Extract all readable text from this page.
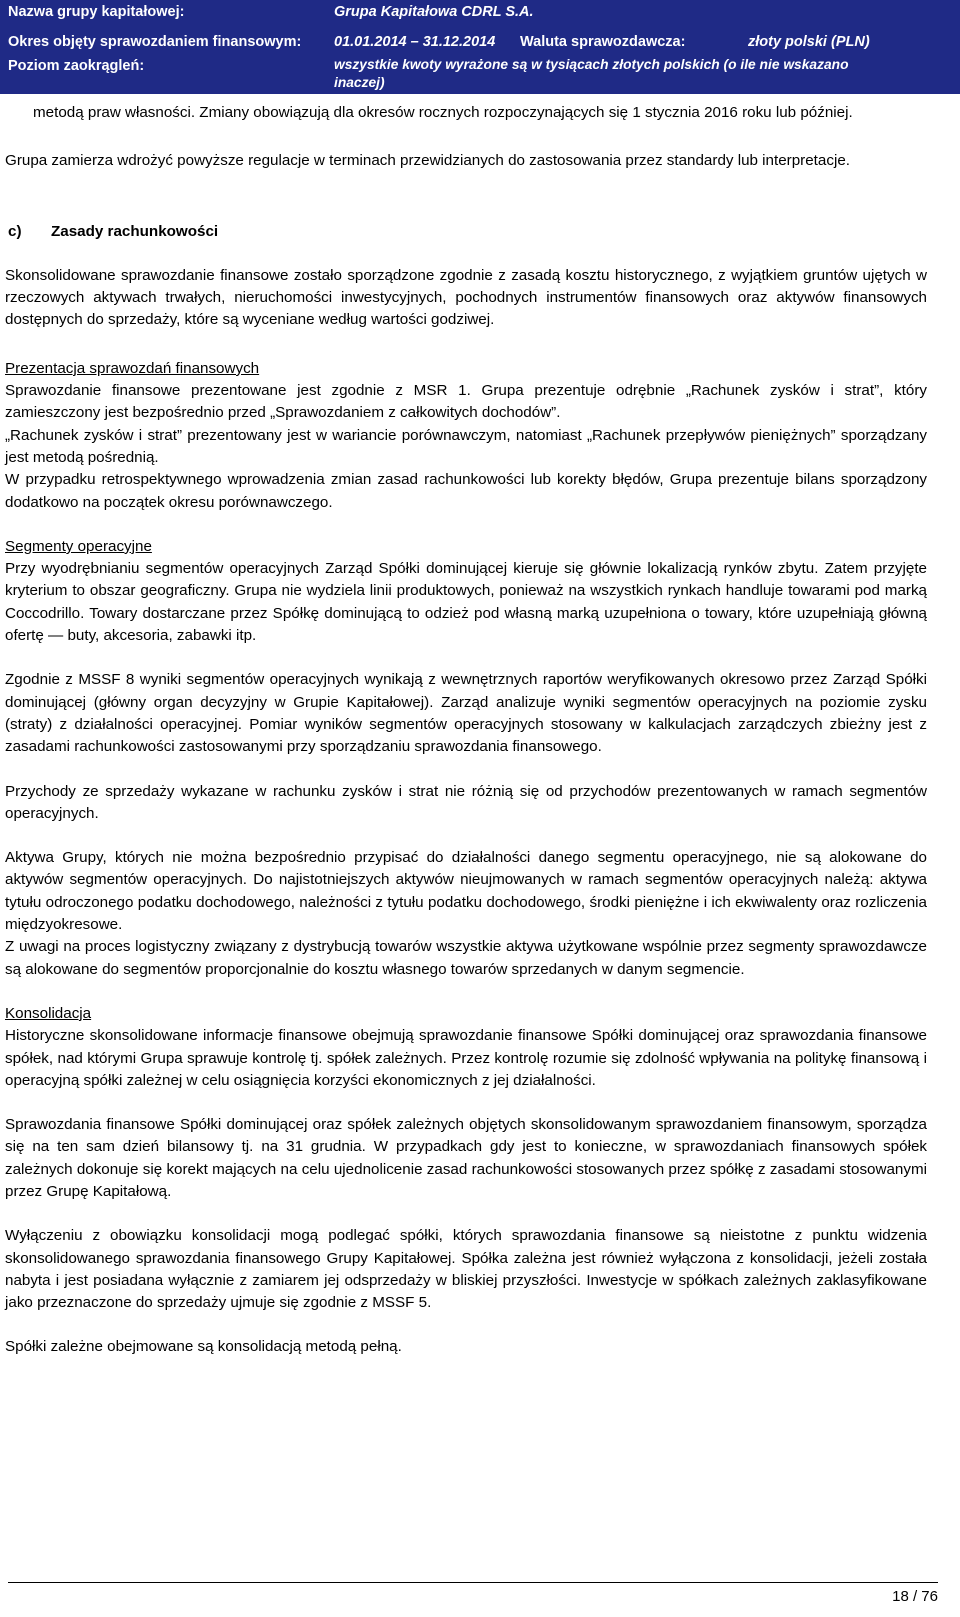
Nazwa grupy kapitałowej:	Grupa Kapitałowa CDRL S.A.
Okres objęty sprawozdaniem finansowym: 01.01.2014 – 31.12.2014 Waluta sprawozdawcza:	złoty polski (PLN)
Poziom zaokrągleń:	wszystkie kwoty wyrażone są w tysiącach złotych polskich (o ile nie wskazano inaczej)

metodą praw własności. Zmiany obowiązują dla okresów rocznych rozpoczynających się 1 stycznia 2016 roku lub później.

Grupa zamierza wdrożyć powyższe regulacje w terminach przewidzianych do zastosowania przez standardy lub interpretacje.

c) Zasady rachunkowości

Skonsolidowane sprawozdanie finansowe zostało sporządzone zgodnie z zasadą kosztu historycznego, z wyjątkiem gruntów ujętych w rzeczowych aktywach trwałych, nieruchomości inwestycyjnych, pochodnych instrumentów finansowych oraz aktywów finansowych dostępnych do sprzedaży, które są wyceniane według wartości godziwej.

Prezentacja sprawozdań finansowych

Sprawozdanie finansowe prezentowane jest zgodnie z MSR 1. Grupa prezentuje odrębnie „Rachunek zysków i strat”, który zamieszczony jest bezpośrednio przed „Sprawozdaniem z całkowitych dochodów”.

„Rachunek zysków i strat” prezentowany jest w wariancie porównawczym, natomiast „Rachunek przepływów pieniężnych” sporządzany jest metodą pośrednią.

W przypadku retrospektywnego wprowadzenia zmian zasad rachunkowości lub korekty błędów, Grupa prezentuje bilans sporządzony dodatkowo na początek okresu porównawczego.

Segmenty operacyjne

Przy wyodrębnianiu segmentów operacyjnych Zarząd Spółki dominującej kieruje się głównie lokalizacją rynków zbytu. Zatem przyjęte kryterium to obszar geograficzny. Grupa nie wydziela linii produktowych, ponieważ na wszystkich rynkach handluje towarami pod marką Coccodrillo. Towary dostarczane przez Spółkę dominującą to odzież pod własną marką uzupełniona o towary, które uzupełniają główną ofertę — buty, akcesoria, zabawki itp.

Zgodnie z MSSF 8 wyniki segmentów operacyjnych wynikają z wewnętrznych raportów weryfikowanych okresowo przez Zarząd Spółki dominującej (główny organ decyzyjny w Grupie Kapitałowej). Zarząd analizuje wyniki segmentów operacyjnych na poziomie zysku (straty) z działalności operacyjnej. Pomiar wyników segmentów operacyjnych stosowany w kalkulacjach zarządczych zbieżny jest z zasadami rachunkowości zastosowanymi przy sporządzaniu sprawozdania finansowego.

Przychody ze sprzedaży wykazane w rachunku zysków i strat nie różnią się od przychodów prezentowanych w ramach segmentów operacyjnych.

Aktywa Grupy, których nie można bezpośrednio przypisać do działalności danego segmentu operacyjnego, nie są alokowane do aktywów segmentów operacyjnych. Do najistotniejszych aktywów nieujmowanych w ramach segmentów operacyjnych należą: aktywa tytułu odroczonego podatku dochodowego, należności z tytułu podatku dochodowego, środki pieniężne i ich ekwiwalenty oraz rozliczenia międzyokresowe.

Z uwagi na proces logistyczny związany z dystrybucją towarów wszystkie aktywa użytkowane wspólnie przez segmenty sprawozdawcze są alokowane do segmentów proporcjonalnie do kosztu własnego towarów sprzedanych w danym segmencie.

Konsolidacja

Historyczne skonsolidowane informacje finansowe obejmują sprawozdanie finansowe Spółki dominującej oraz sprawozdania finansowe spółek, nad którymi Grupa sprawuje kontrolę tj. spółek zależnych. Przez kontrolę rozumie się zdolność wpływania na politykę finansową i operacyjną spółki zależnej w celu osiągnięcia korzyści ekonomicznych z jej działalności.

Sprawozdania finansowe Spółki dominującej oraz spółek zależnych objętych skonsolidowanym sprawozdaniem finansowym, sporządza się na ten sam dzień bilansowy tj. na 31 grudnia. W przypadkach gdy jest to konieczne, w sprawozdaniach finansowych spółek zależnych dokonuje się korekt mających na celu ujednolicenie zasad rachunkowości stosowanych przez spółkę z zasadami stosowanymi przez Grupę Kapitałową.

Wyłączeniu z obowiązku konsolidacji mogą podlegać spółki, których sprawozdania finansowe są nieistotne z punktu widzenia skonsolidowanego sprawozdania finansowego Grupy Kapitałowej. Spółka zależna jest również wyłączona z konsolidacji, jeżeli została nabyta i jest posiadana wyłącznie z zamiarem jej odsprzedaży w bliskiej przyszłości. Inwestycje w spółkach zależnych zaklasyfikowane jako przeznaczone do sprzedaży ujmuje się zgodnie z MSSF 5.

Spółki zależne obejmowane są konsolidacją metodą pełną.

18 / 76
